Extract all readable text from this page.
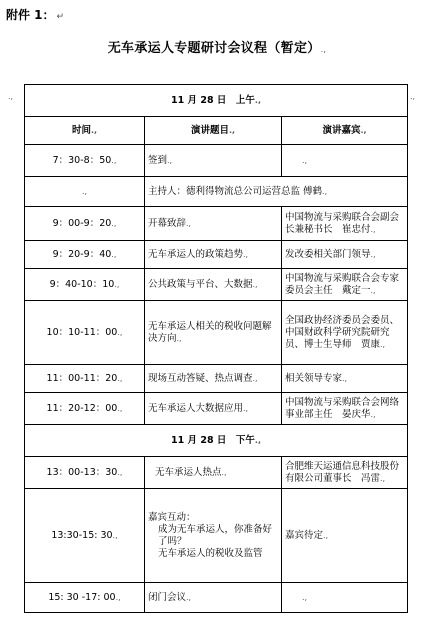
附件 1： ↵
无车承运人专题研讨会议程（暂定）.,
.,	.,
11 月 28 日　上午.,		
时间.,	演讲题目.,	演讲嘉宾.,
7：30-8：50.,	签到.,	.,
.,	主持人：德利得物流总公司运营总监 傅鹤.,	
9：00-9：20.,	开幕致辞.,	中国物流与采购联合会副会长兼秘书长　崔忠付.,
9：20-9：40.,	无车承运人的政策趋势.,	发改委相关部门领导.,
9：40-10：10.,	公共政策与平台、大数据.,	中国物流与采购联合会专家委员会主任　戴定一.,
10：10-11：00.,	无车承运人相关的税收问题解决方向.,	全国政协经济委员会委员、中国财政科学研究院研究员、博士生导师　贾康.,
11：00-11：20.,	现场互动答疑、热点调查.,	相关领导专家.,
11：20-12：00.,	无车承运人大数据应用.,	中国物流与采购联合会网络事业部主任　晏庆华.,
11 月 28 日　下午.,		
13：00-13：30.,	无车承运人热点.,	合肥维天运通信息科技股份有限公司董事长　冯雷.,
13:30-15: 30.,	嘉宾互动：
成为无车承运人，你准备好了吗？
无车承运人的税收及监管	嘉宾待定.,
15: 30 -17: 00.,	闭门会议.,	.,
